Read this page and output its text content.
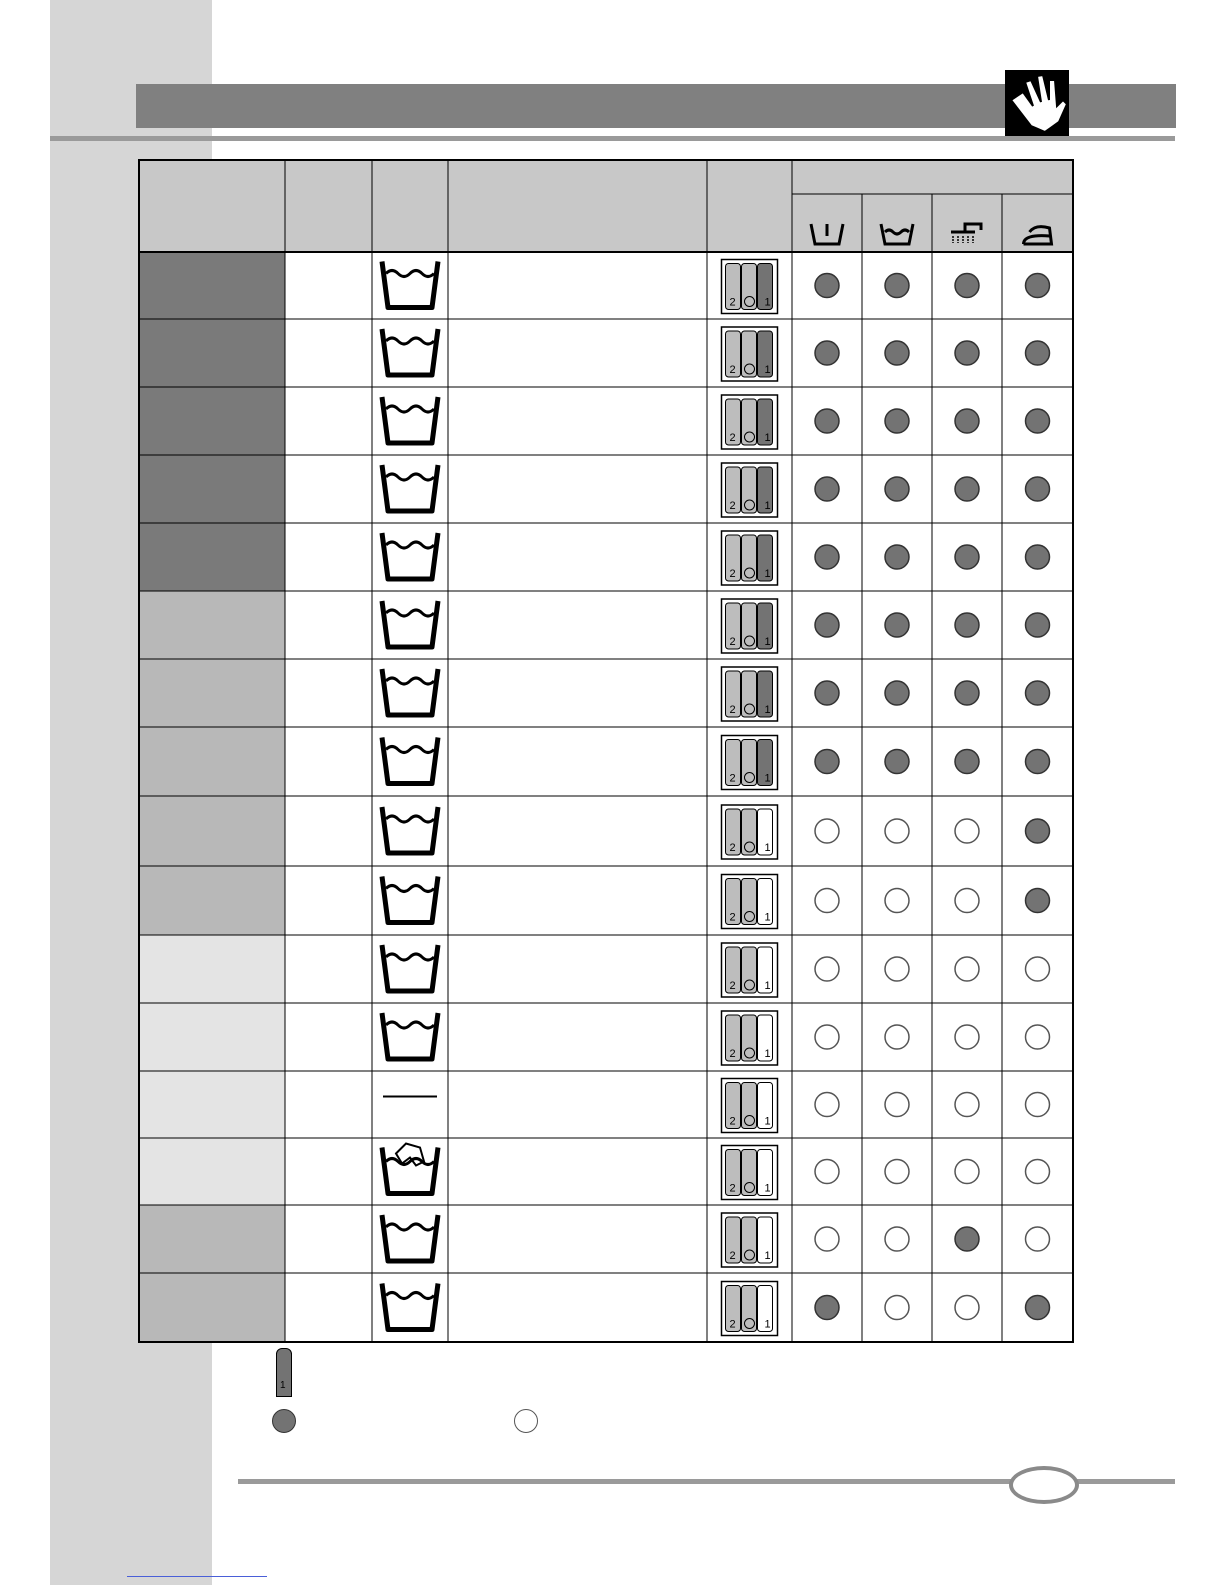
2	1
2	1
2	1
2	1
2	1
2	1
2	1
2	1
2	1
2	1
2	1
2	1
2	1
2	1
2	1
2	1
1
